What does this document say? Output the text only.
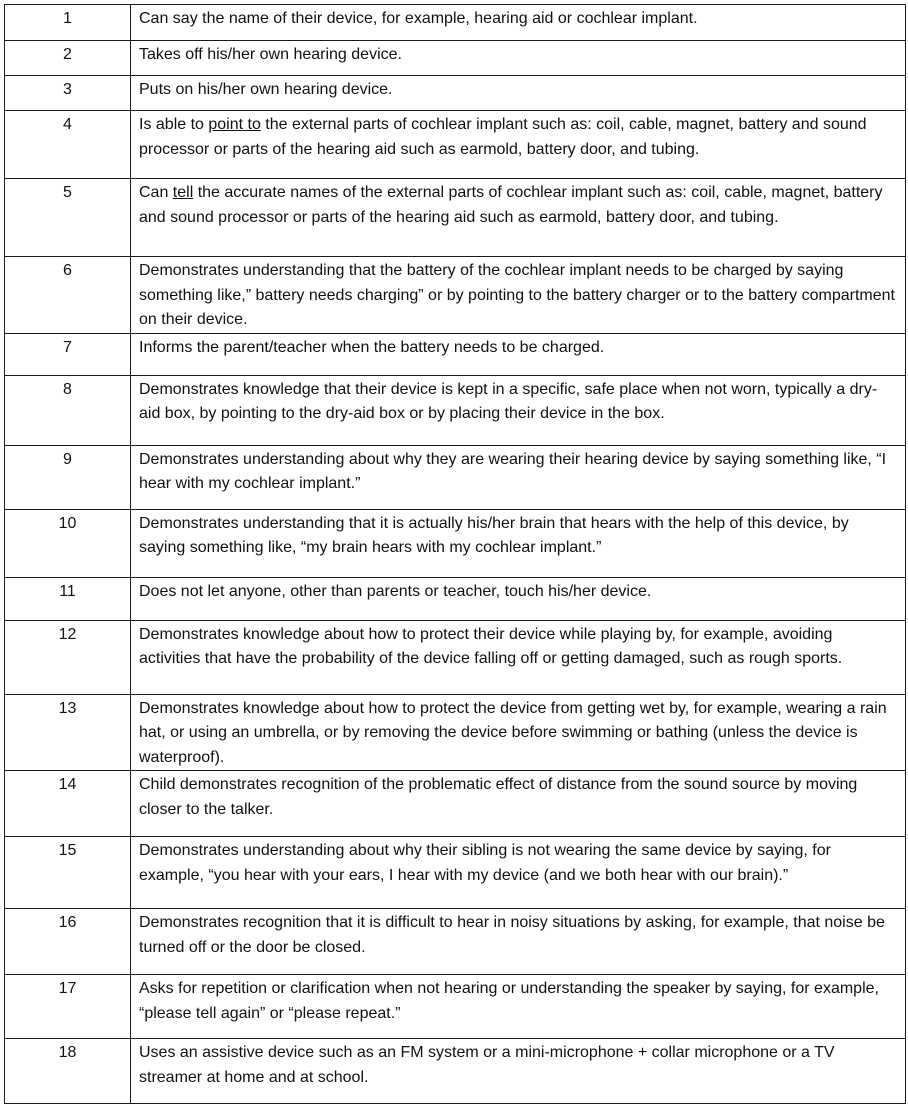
1	Can say the name of their device, for example, hearing aid or cochlear implant.
2	Takes off his/her own hearing device.
3	Puts on his/her own hearing device.
4	Is able to point to the external parts of cochlear implant such as: coil, cable, magnet, battery and sound processor or parts of the hearing aid such as earmold, battery door, and tubing.
5	Can tell the accurate names of the external parts of cochlear implant such as: coil, cable, magnet, battery and sound processor or parts of the hearing aid such as earmold, battery door, and tubing.
6	Demonstrates understanding that the battery of the cochlear implant needs to be charged by saying something like,” battery needs charging” or by pointing to the battery charger or to the battery compartment on their device.
7	Informs the parent/teacher when the battery needs to be charged.
8	Demonstrates knowledge that their device is kept in a specific, safe place when not worn, typically a dry-aid box, by pointing to the dry-aid box or by placing their device in the box.
9	Demonstrates understanding about why they are wearing their hearing device by saying something like, “I hear with my cochlear implant.”
10	Demonstrates understanding that it is actually his/her brain that hears with the help of this device, by saying something like, “my brain hears with my cochlear implant.”
11	Does not let anyone, other than parents or teacher, touch his/her device.
12	Demonstrates knowledge about how to protect their device while playing by, for example, avoiding activities that have the probability of the device falling off or getting damaged, such as rough sports.
13	Demonstrates knowledge about how to protect the device from getting wet by, for example, wearing a rain hat, or using an umbrella, or by removing the device before swimming or bathing (unless the device is waterproof).
14	Child demonstrates recognition of the problematic effect of distance from the sound source by moving closer to the talker.
15	Demonstrates understanding about why their sibling is not wearing the same device by saying, for example, “you hear with your ears, I hear with my device (and we both hear with our brain).”
16	Demonstrates recognition that it is difficult to hear in noisy situations by asking, for example, that noise be turned off or the door be closed.
17	Asks for repetition or clarification when not hearing or understanding the speaker by saying, for example, “please tell again” or “please repeat.”
18	Uses an assistive device such as an FM system or a mini-microphone + collar microphone or a TV streamer at home and at school.
